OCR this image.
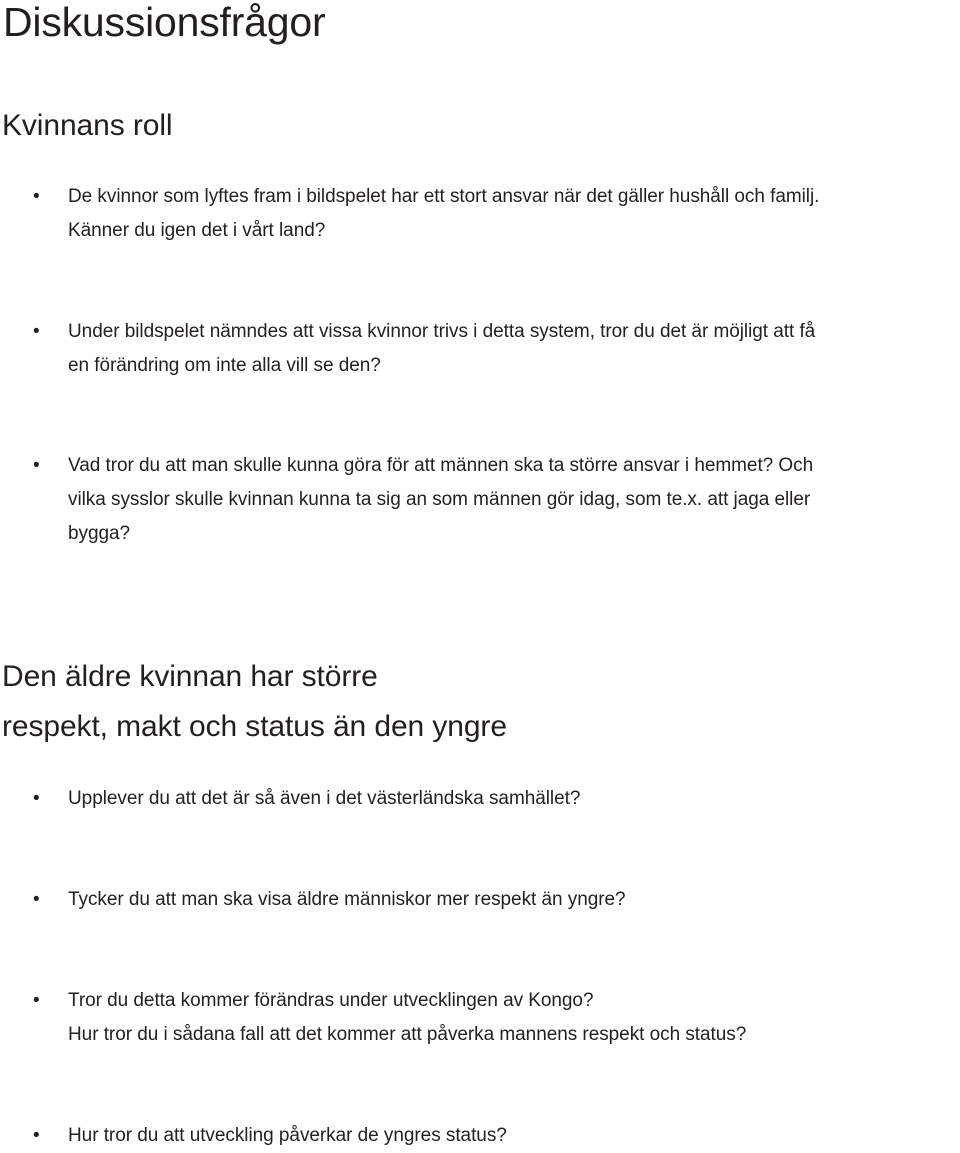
Diskussionsfrågor
Kvinnans roll
• De kvinnor som lyftes fram i bildspelet har ett stort ansvar när det gäller hushåll och familj.
Känner du igen det i vårt land?

• Under bildspelet nämndes att vissa kvinnor trivs i detta system, tror du det är möjligt att få
en förändring om inte alla vill se den?

• Vad tror du att man skulle kunna göra för att männen ska ta större ansvar i hemmet? Och
vilka sysslor skulle kvinnan kunna ta sig an som männen gör idag, som te.x. att jaga eller
bygga?

Den äldre kvinnan har större
respekt, makt och status än den yngre
• Upplever du att det är så även i det västerländska samhället?

• Tycker du att man ska visa äldre människor mer respekt än yngre?

• Tror du detta kommer förändras under utvecklingen av Kongo?
Hur tror du i sådana fall att det kommer att påverka mannens respekt och status?

• Hur tror du att utveckling påverkar de yngres status?
